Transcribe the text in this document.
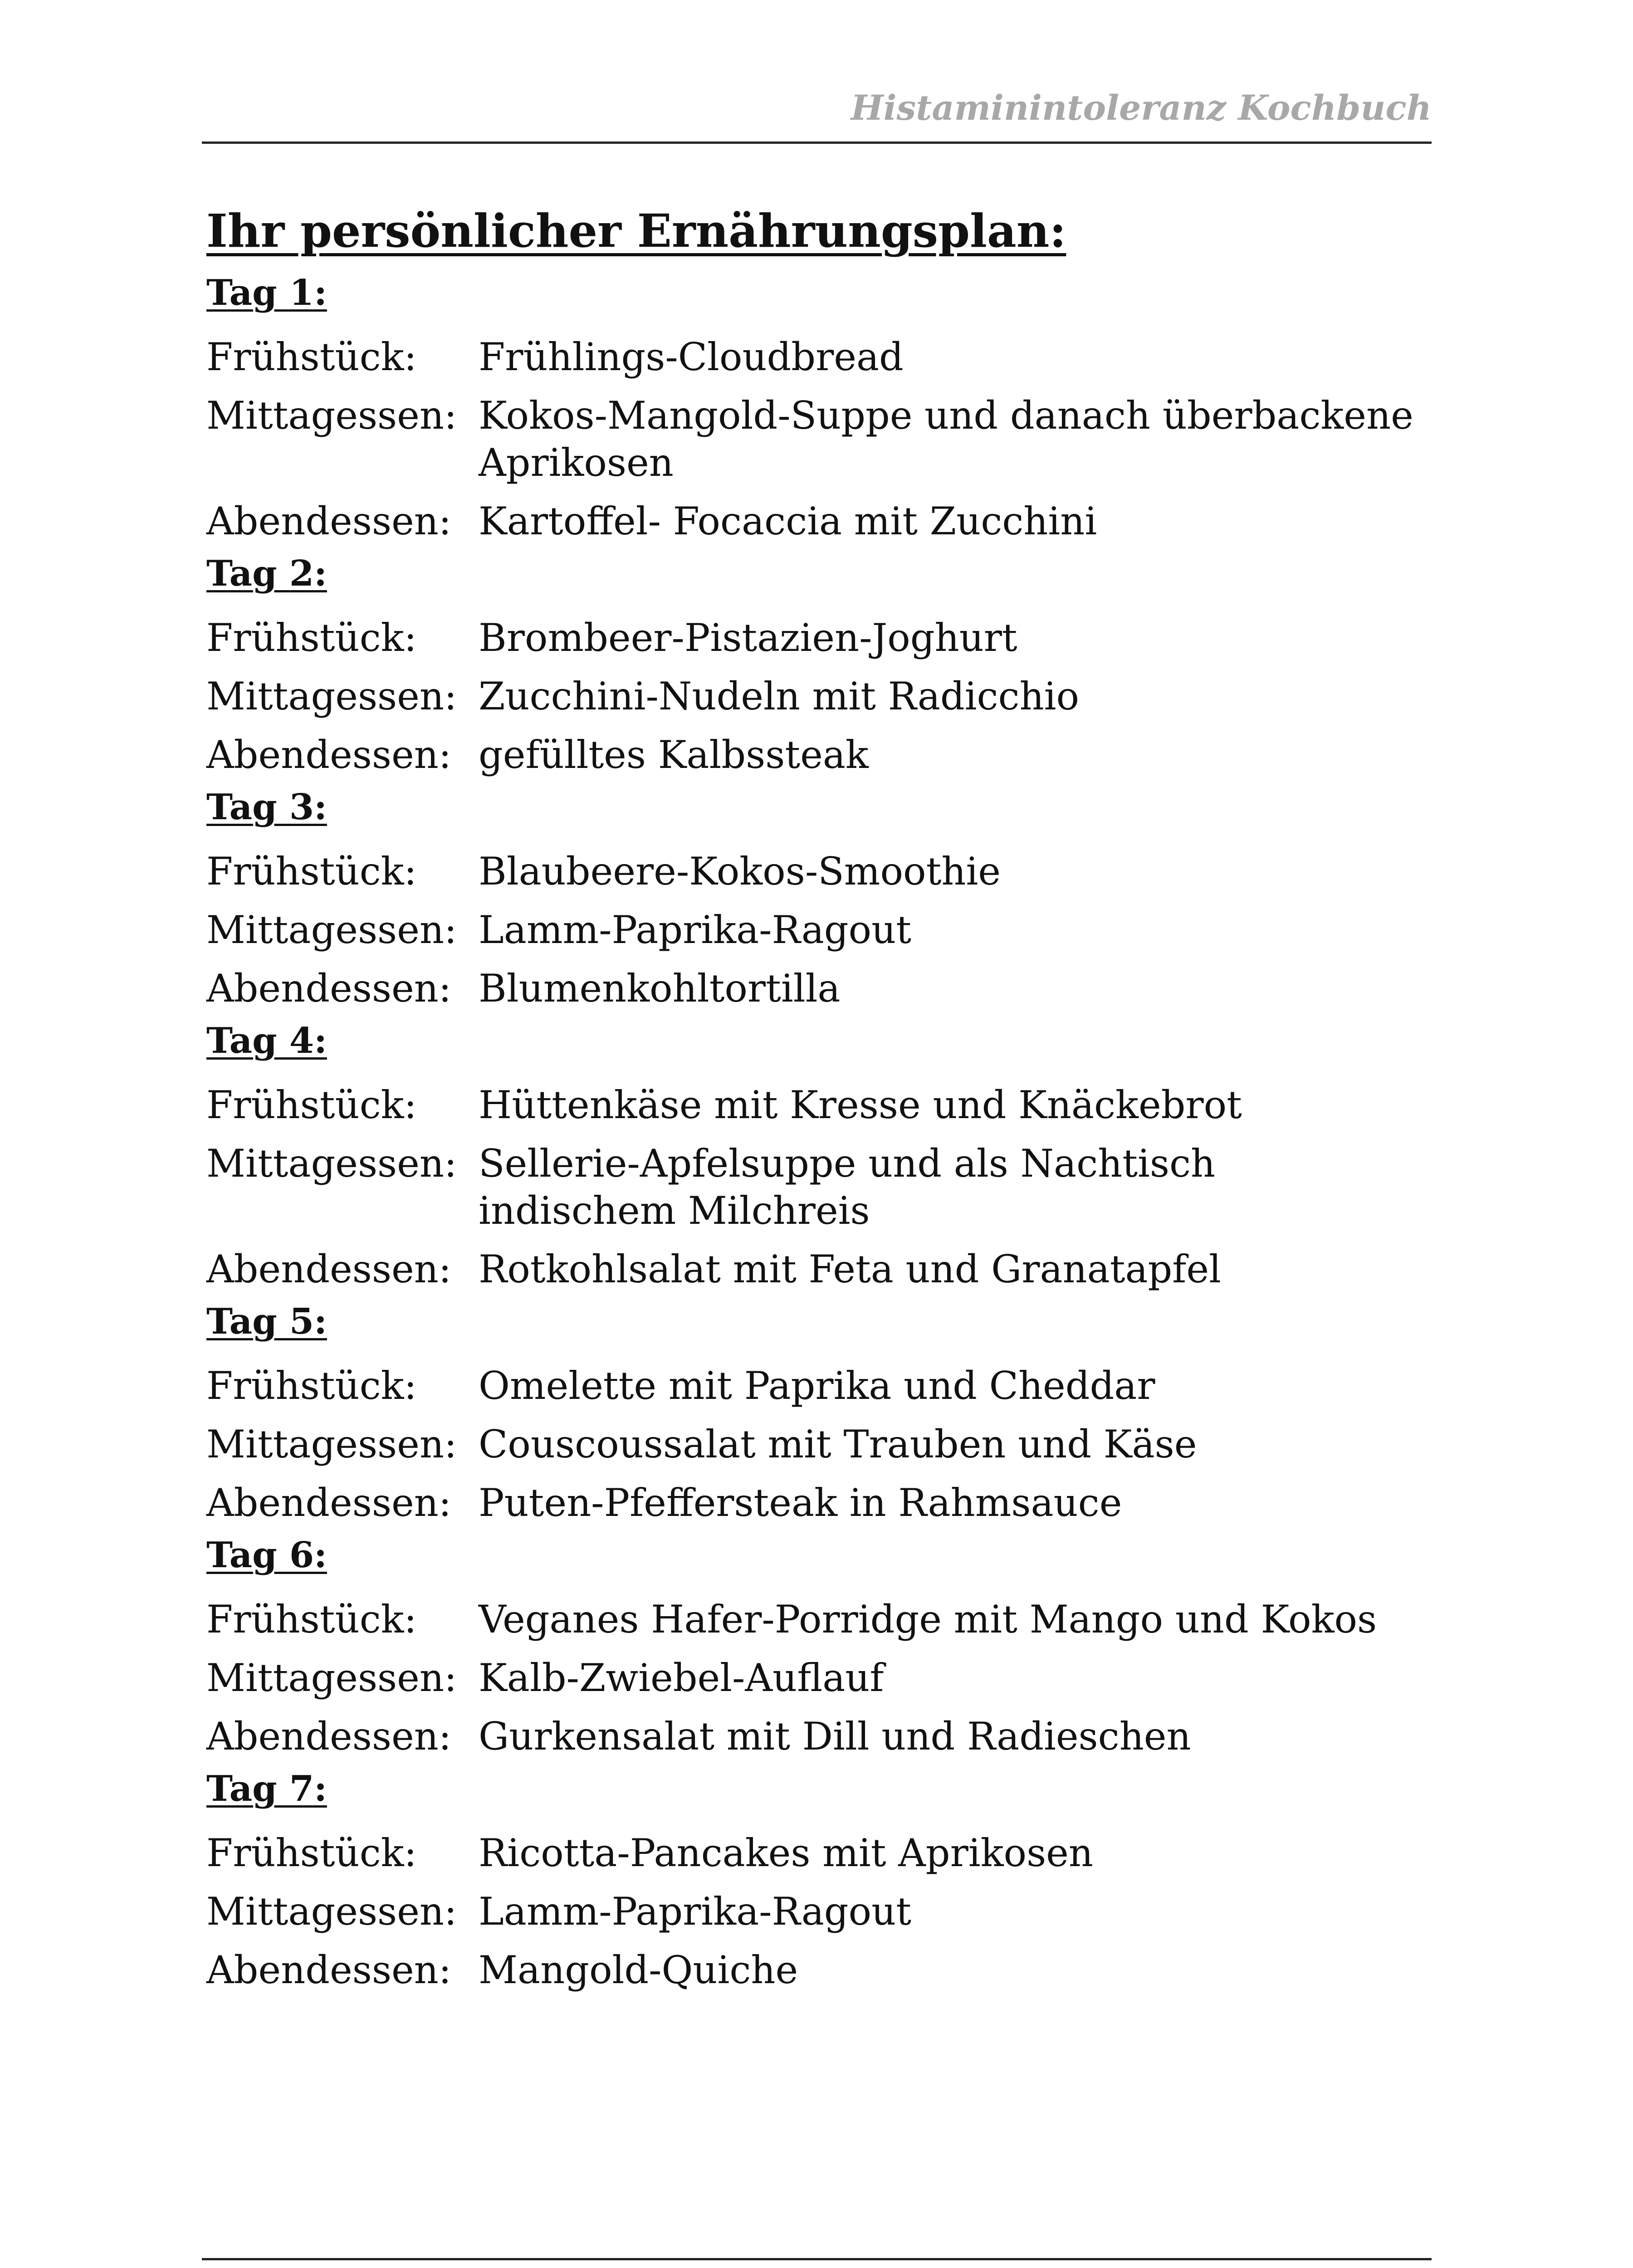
Histaminintoleranz Kochbuch
Ihr persönlicher Ernährungsplan:
Tag 1:
Frühstück:	Frühlings-Cloudbread
Mittagessen: Kokos-Mangold-Suppe und danach überbackene Aprikosen
Abendessen: Kartoffel- Focaccia mit Zucchini
Tag 2:
Frühstück:	Brombeer-Pistazien-Joghurt
Mittagessen: Zucchini-Nudeln mit Radicchio
Abendessen: gefülltes Kalbssteak
Tag 3:
Frühstück:	Blaubeere-Kokos-Smoothie
Mittagessen: Lamm-Paprika-Ragout
Abendessen: Blumenkohltortilla
Tag 4:
Frühstück:	Hüttenkäse mit Kresse und Knäckebrot
Mittagessen: Sellerie-Apfelsuppe und als Nachtisch indischem Milchreis
Abendessen: Rotkohlsalat mit Feta und Granatapfel
Tag 5:
Frühstück:	Omelette mit Paprika und Cheddar
Mittagessen: Couscoussalat mit Trauben und Käse
Abendessen: Puten-Pfeffersteak in Rahmsauce
Tag 6:
Frühstück:	Veganes Hafer-Porridge mit Mango und Kokos
Mittagessen: Kalb-Zwiebel-Auflauf
Abendessen: Gurkensalat mit Dill und Radieschen
Tag 7:
Frühstück:	Ricotta-Pancakes mit Aprikosen
Mittagessen: Lamm-Paprika-Ragout
Abendessen: Mangold-Quiche
